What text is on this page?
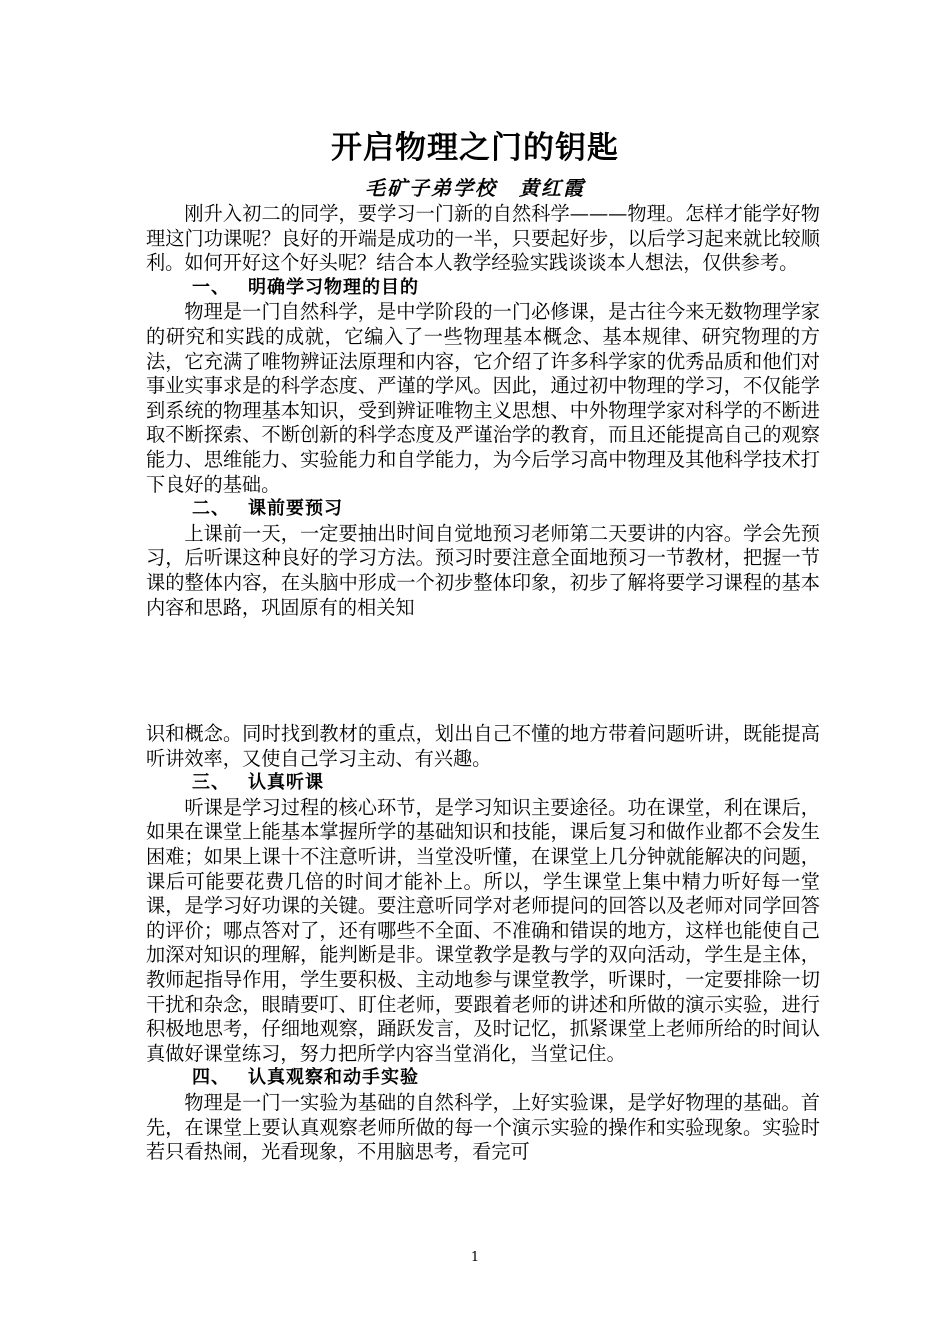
开启物理之门的钥匙
毛矿子弟学校　黄红霞

刚升入初二的同学，要学习一门新的自然科学———物理。怎样才能学好物理这门功课呢？良好的开端是成功的一半，只要起好步，以后学习起来就比较顺利。如何开好这个好头呢？结合本人教学经验实践谈谈本人想法，仅供参考。

一、 明确学习物理的目的

物理是一门自然科学，是中学阶段的一门必修课，是古往今来无数物理学家的研究和实践的成就，它编入了一些物理基本概念、基本规律、研究物理的方法，它充满了唯物辨证法原理和内容，它介绍了许多科学家的优秀品质和他们对事业实事求是的科学态度、严谨的学风。因此，通过初中物理的学习，不仅能学到系统的物理基本知识，受到辨证唯物主义思想、中外物理学家对科学的不断进取不断探索、不断创新的科学态度及严谨治学的教育，而且还能提高自己的观察能力、思维能力、实验能力和自学能力，为今后学习高中物理及其他科学技术打下良好的基础。

二、 课前要预习

上课前一天，一定要抽出时间自觉地预习老师第二天要讲的内容。学会先预习，后听课这种良好的学习方法。预习时要注意全面地预习一节教材，把握一节课的整体内容，在头脑中形成一个初步整体印象，初步了解将要学习课程的基本内容和思路，巩固原有的相关知

识和概念。同时找到教材的重点，划出自己不懂的地方带着问题听讲，既能提高听讲效率，又使自己学习主动、有兴趣。

三、 认真听课

听课是学习过程的核心环节，是学习知识主要途径。功在课堂，利在课后，如果在课堂上能基本掌握所学的基础知识和技能，课后复习和做作业都不会发生困难；如果上课十不注意听讲，当堂没听懂，在课堂上几分钟就能解决的问题，课后可能要花费几倍的时间才能补上。所以，学生课堂上集中精力听好每一堂课，是学习好功课的关键。要注意听同学对老师提问的回答以及老师对同学回答的评价；哪点答对了，还有哪些不全面、不准确和错误的地方，这样也能使自己加深对知识的理解，能判断是非。课堂教学是教与学的双向活动，学生是主体，教师起指导作用，学生要积极、主动地参与课堂教学，听课时，一定要排除一切干扰和杂念，眼睛要叮、盯住老师，要跟着老师的讲述和所做的演示实验，进行积极地思考，仔细地观察，踊跃发言，及时记忆，抓紧课堂上老师所给的时间认真做好课堂练习，努力把所学内容当堂消化，当堂记住。

四、 认真观察和动手实验

物理是一门一实验为基础的自然科学，上好实验课，是学好物理的基础。首先，在课堂上要认真观察老师所做的每一个演示实验的操作和实验现象。实验时若只看热闹，光看现象，不用脑思考，看完可

1
